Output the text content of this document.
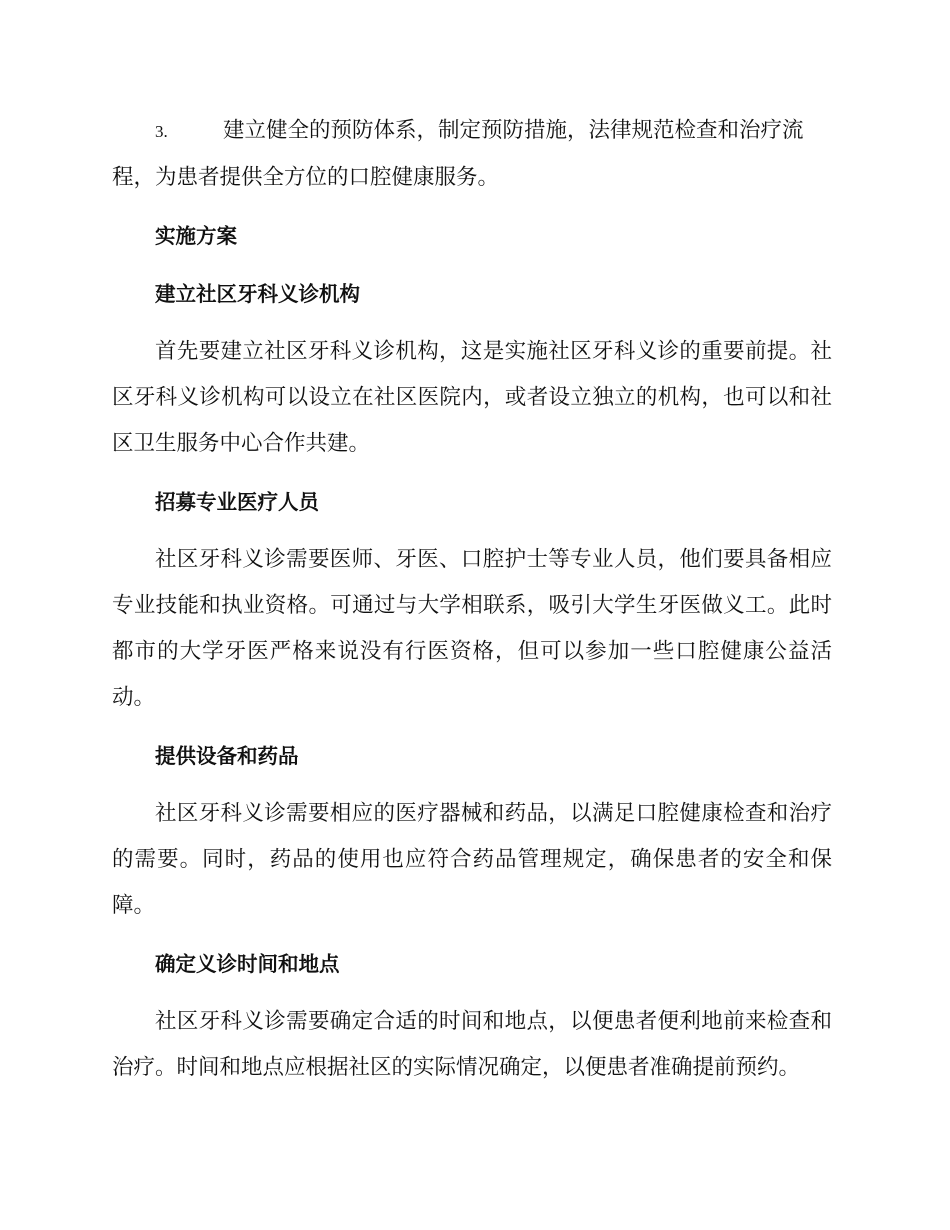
3.	建立健全的预防体系，制定预防措施，法律规范检查和治疗流程，为患者提供全方位的口腔健康服务。

实施方案

建立社区牙科义诊机构

首先要建立社区牙科义诊机构，这是实施社区牙科义诊的重要前提。社区牙科义诊机构可以设立在社区医院内，或者设立独立的机构，也可以和社区卫生服务中心合作共建。

招募专业医疗人员

社区牙科义诊需要医师、牙医、口腔护士等专业人员，他们要具备相应专业技能和执业资格。可通过与大学相联系，吸引大学生牙医做义工。此时都市的大学牙医严格来说没有行医资格，但可以参加一些口腔健康公益活动。

提供设备和药品

社区牙科义诊需要相应的医疗器械和药品，以满足口腔健康检查和治疗的需要。同时，药品的使用也应符合药品管理规定，确保患者的安全和保障。

确定义诊时间和地点

社区牙科义诊需要确定合适的时间和地点，以便患者便利地前来检查和治疗。时间和地点应根据社区的实际情况确定，以便患者准确提前预约。
